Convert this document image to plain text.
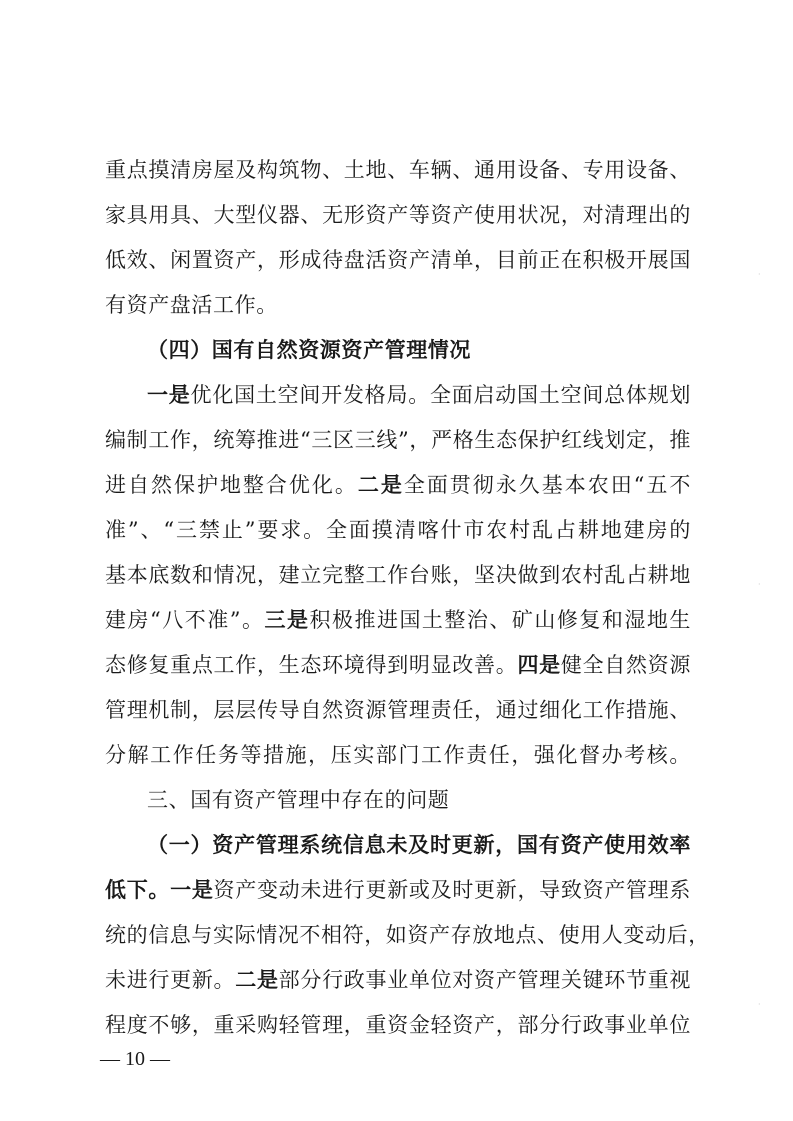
重点摸清房屋及构筑物、土地、车辆、通用设备、专用设备、
家具用具、大型仪器、无形资产等资产使用状况，对清理出的
低效、闲置资产，形成待盘活资产清单，目前正在积极开展国
有资产盘活工作。
（四）国有自然资源资产管理情况
一是优化国土空间开发格局。全面启动国土空间总体规划
编制工作，统筹推进“三区三线”，严格生态保护红线划定，推
进自然保护地整合优化。二是全面贯彻永久基本农田“五不
准”、“三禁止”要求。全面摸清喀什市农村乱占耕地建房的
基本底数和情况，建立完整工作台账，坚决做到农村乱占耕地
建房“八不准”。三是积极推进国土整治、矿山修复和湿地生
态修复重点工作，生态环境得到明显改善。四是健全自然资源
管理机制，层层传导自然资源管理责任，通过细化工作措施、
分解工作任务等措施，压实部门工作责任，强化督办考核。
三、国有资产管理中存在的问题
（一）资产管理系统信息未及时更新，国有资产使用效率
低下。一是资产变动未进行更新或及时更新，导致资产管理系
统的信息与实际情况不相符，如资产存放地点、使用人变动后，
未进行更新。二是部分行政事业单位对资产管理关键环节重视
程度不够，重采购轻管理，重资金轻资产，部分行政事业单位
— 10 —
·
·
·
